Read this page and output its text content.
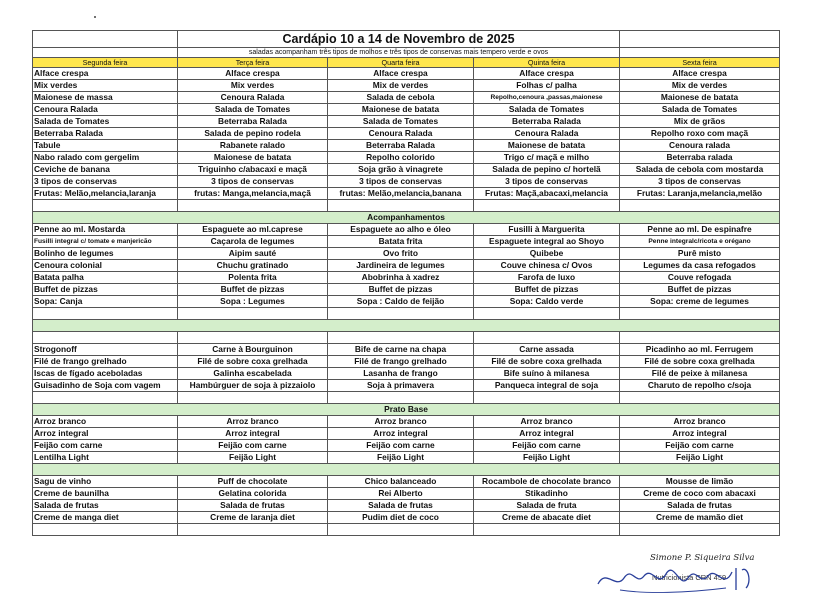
	Cardápio 10 a 14 de Novembro de 2025			
	saladas acompanham três tipos de molhos e três tipos de conservas mais tempero verde e ovos			
Segunda feira	Terça feira	Quarta feira	Quinta feira	Sexta feira
Alface crespa	Alface crespa	Alface crespa	Alface crespa	Alface crespa
Mix verdes	Mix verdes	Mix de verdes	Folhas c/ palha	Mix de verdes
Maionese de massa	Cenoura Ralada	Salada de cebola	Repolho,cenoura ,passas,maionese	Maionese de batata
Cenoura Ralada	Salada de Tomates	Maionese de batata	Salada de Tomates	Salada de Tomates
Salada de Tomates	Beterraba Ralada	Salada de Tomates	Beterraba Ralada	Mix de grãos
Beterraba Ralada	Salada de pepino rodela	Cenoura Ralada	Cenoura Ralada	Repolho roxo com maçã
Tabule	Rabanete ralado	Beterraba Ralada	Maionese de batata	Cenoura ralada
Nabo ralado com gergelim	Maionese de batata	Repolho colorido	Trigo c/ maçã e milho	Beterraba ralada
Ceviche de banana	Triguinho c/abacaxi e maçã	Soja grão à vinagrete	Salada de pepino c/ hortelã	Salada de cebola com mostarda
3 tipos de conservas	3 tipos de conservas	3 tipos de conservas	3 tipos de conservas	3 tipos de conservas
Frutas: Melão,melancia,laranja	frutas: Manga,melancia,maçã	frutas: Melão,melancia,banana	Frutas: Maçã,abacaxi,melancia	Frutas: Laranja,melancia,melão

Acompanhamentos				
Penne ao ml. Mostarda	Espaguete ao ml.caprese	Espaguete ao alho e óleo	Fusilli à Marguerita	Penne ao ml. De espinafre
Fusilli integral c/ tomate e manjericão	Caçarola de legumes	Batata frita	Espaguete integral ao Shoyo	Penne integralc/ricota e orégano
Bolinho de legumes	Aipim sauté	Ovo frito	Quibebe	Purê misto
Cenoura colonial	Chuchu gratinado	Jardineira de legumes	Couve chinesa c/ Ovos	Legumes da casa refogados
Batata palha	Polenta frita	Abobrinha à xadrez	Farofa de luxo	Couve refogada
Buffet de pizzas	Buffet de pizzas	Buffet de pizzas	Buffet de pizzas	Buffet de pizzas
Sopa: Canja	Sopa : Legumes	Sopa : Caldo de feijão	Sopa: Caldo verde	Sopa: creme de legumes

Strogonoff	Carne à Bourguinon	Bife de carne na chapa	Carne assada	Picadinho ao ml. Ferrugem
Filé de frango grelhado	Filé de sobre coxa grelhada	Filé de frango grelhado	Filé de sobre coxa grelhada	Filé de sobre coxa grelhada
Iscas de fígado aceboladas	Galinha escabelada	Lasanha de frango	Bife suíno à milanesa	Filé de peixe à milanesa
Guisadinho de Soja com vagem	Hambúrguer de soja à pizzaiolo	Soja à primavera	Panqueca integral de soja	Charuto de repolho c/soja

Prato Base				
Arroz branco	Arroz branco	Arroz branco	Arroz branco	Arroz branco
Arroz integral	Arroz integral	Arroz integral	Arroz integral	Arroz integral
Feijão com carne	Feijão com carne	Feijão com carne	Feijão com carne	Feijão com carne
Lentilha Light	Feijão Light	Feijão Light	Feijão Light	Feijão Light

Sagu de vinho	Puff de chocolate	Chico balanceado	Rocambole de chocolate branco	Mousse de limão
Creme de baunilha	Gelatina colorida	Rei Alberto	Stikadinho	Creme de coco com abacaxi
Salada de frutas	Salada de frutas	Salada de frutas	Salada de fruta	Salada de frutas
Creme de manga diet	Creme de laranja diet	Pudim diet de coco	Creme de abacate diet	Creme de mamão diet

Simone P. Siqueira Silva
Nutricionista CRN 459
